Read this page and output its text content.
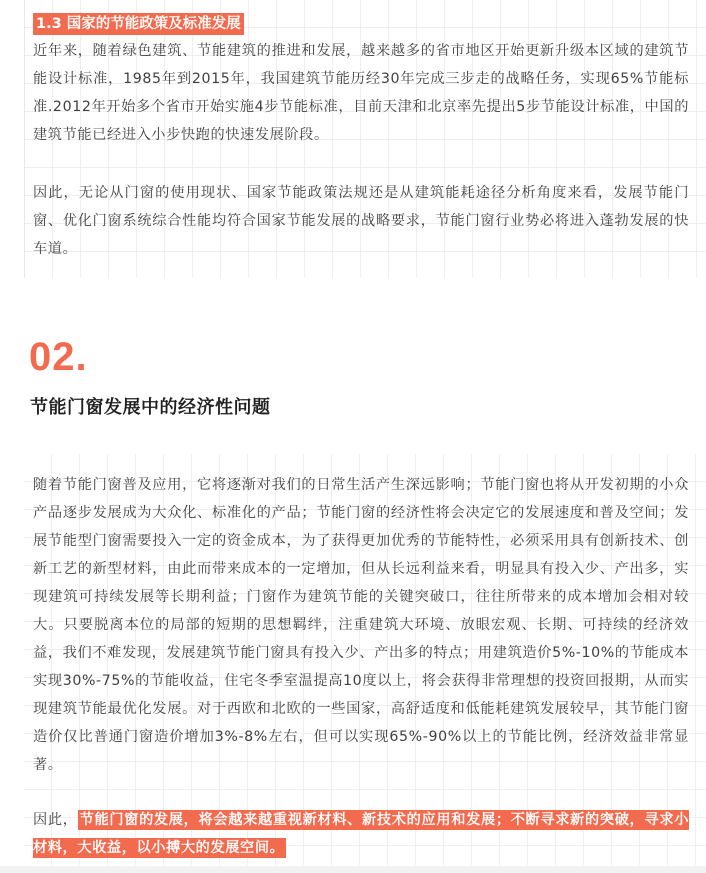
1.3 国家的节能政策及标准发展

近年来，随着绿色建筑、节能建筑的推进和发展，越来越多的省市地区开始更新升级本区域的建筑节能设计标准，1985年到2015年，我国建筑节能历经30年完成三步走的战略任务，实现65%节能标准.2012年开始多个省市开始实施4步节能标准，目前天津和北京率先提出5步节能设计标准，中国的建筑节能已经进入小步快跑的快速发展阶段。

因此，无论从门窗的使用现状、国家节能政策法规还是从建筑能耗途径分析角度来看，发展节能门窗、优化门窗系统综合性能均符合国家节能发展的战略要求，节能门窗行业势必将进入蓬勃发展的快车道。

02.
节能门窗发展中的经济性问题

随着节能门窗普及应用，它将逐渐对我们的日常生活产生深远影响；节能门窗也将从开发初期的小众产品逐步发展成为大众化、标准化的产品；节能门窗的经济性将会决定它的发展速度和普及空间；发展节能型门窗需要投入一定的资金成本，为了获得更加优秀的节能特性，必须采用具有创新技术、创新工艺的新型材料，由此而带来成本的一定增加，但从长远利益来看，明显具有投入少、产出多，实现建筑可持续发展等长期利益；门窗作为建筑节能的关键突破口，往往所带来的成本增加会相对较大。只要脱离本位的局部的短期的思想羁绊，注重建筑大环境、放眼宏观、长期、可持续的经济效益，我们不难发现，发展建筑节能门窗具有投入少、产出多的特点；用建筑造价5%-10%的节能成本实现30%-75%的节能收益，住宅冬季室温提高10度以上，将会获得非常理想的投资回报期，从而实现建筑节能最优化发展。对于西欧和北欧的一些国家，高舒适度和低能耗建筑发展较早，其节能门窗造价仅比普通门窗造价增加3%-8%左右，但可以实现65%-90%以上的节能比例，经济效益非常显著。

因此， 节能门窗的发展，将会越来越重视新材料、新技术的应用和发展；不断寻求新的突破，寻求小材料，大收益，以小搏大的发展空间。
